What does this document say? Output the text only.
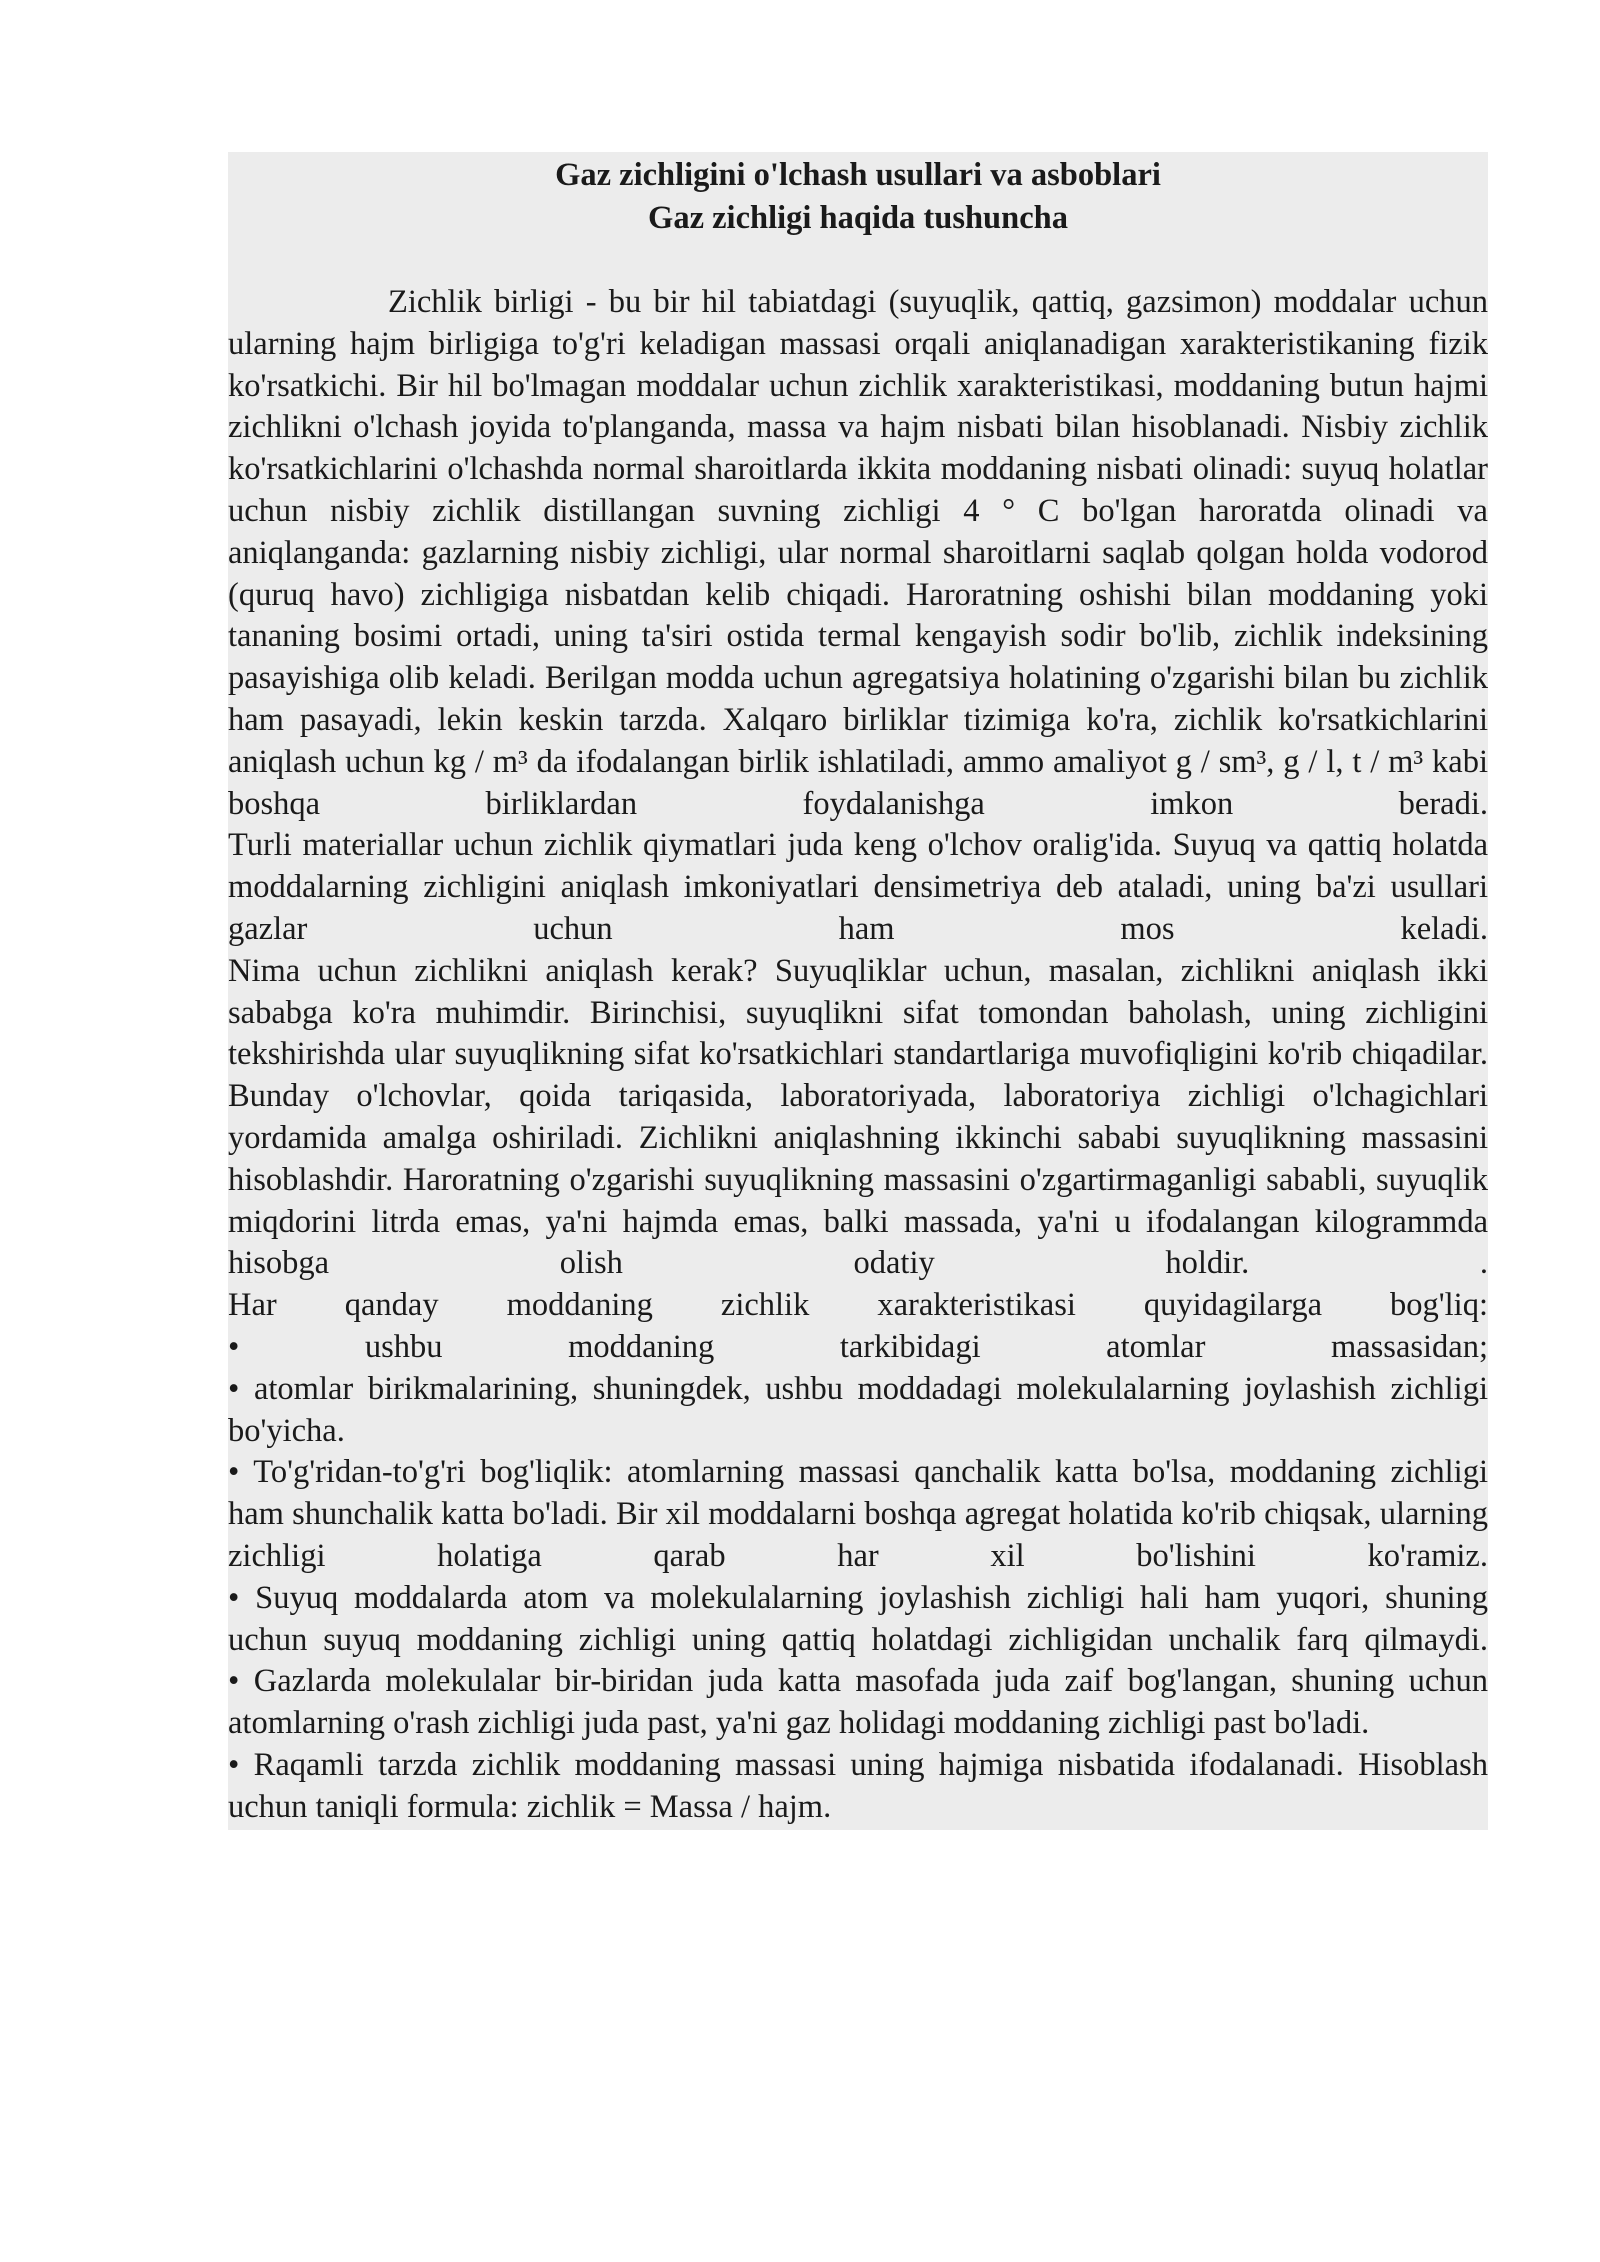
Gaz zichligini o'lchash usullari va asboblari
Gaz zichligi haqida tushuncha

Zichlik birligi - bu bir hil tabiatdagi (suyuqlik, qattiq, gazsimon) moddalar uchun ularning hajm birligiga to'g'ri keladigan massasi orqali aniqlanadigan xarakteristikaning fizik ko'rsatkichi. Bir hil bo'lmagan moddalar uchun zichlik xarakteristikasi, moddaning butun hajmi zichlikni o'lchash joyida to'planganda, massa va hajm nisbati bilan hisoblanadi. Nisbiy zichlik ko'rsatkichlarini o'lchashda normal sharoitlarda ikkita moddaning nisbati olinadi: suyuq holatlar uchun nisbiy zichlik distillangan suvning zichligi 4 ° C bo'lgan haroratda olinadi va aniqlanganda: gazlarning nisbiy zichligi, ular normal sharoitlarni saqlab qolgan holda vodorod (quruq havo) zichligiga nisbatdan kelib chiqadi. Haroratning oshishi bilan moddaning yoki tananing bosimi ortadi, uning ta'siri ostida termal kengayish sodir bo'lib, zichlik indeksining pasayishiga olib keladi. Berilgan modda uchun agregatsiya holatining o'zgarishi bilan bu zichlik ham pasayadi, lekin keskin tarzda. Xalqaro birliklar tizimiga ko'ra, zichlik ko'rsatkichlarini aniqlash uchun kg / m³ da ifodalangan birlik ishlatiladi, ammo amaliyot g / sm³, g / l, t / m³ kabi boshqa birliklardan foydalanishga imkon beradi.

Turli materiallar uchun zichlik qiymatlari juda keng o'lchov oralig'ida. Suyuq va qattiq holatda moddalarning zichligini aniqlash imkoniyatlari densimetriya deb ataladi, uning ba'zi usullari gazlar uchun ham mos keladi.

Nima uchun zichlikni aniqlash kerak? Suyuqliklar uchun, masalan, zichlikni aniqlash ikki sababga ko'ra muhimdir. Birinchisi, suyuqlikni sifat tomondan baholash, uning zichligini tekshirishda ular suyuqlikning sifat ko'rsatkichlari standartlariga muvofiqligini ko'rib chiqadilar. Bunday o'lchovlar, qoida tariqasida, laboratoriyada, laboratoriya zichligi o'lchagichlari yordamida amalga oshiriladi. Zichlikni aniqlashning ikkinchi sababi suyuqlikning massasini hisoblashdir. Haroratning o'zgarishi suyuqlikning massasini o'zgartirmaganligi sababli, suyuqlik miqdorini litrda emas, ya'ni hajmda emas, balki massada, ya'ni u ifodalangan kilogrammda hisobga olish odatiy holdir. .

Har qanday moddaning zichlik xarakteristikasi quyidagilarga bog'liq:

• ushbu moddaning tarkibidagi atomlar massasidan;

• atomlar birikmalarining, shuningdek, ushbu moddadagi molekulalarning joylashish zichligi bo'yicha.

• To'g'ridan-to'g'ri bog'liqlik: atomlarning massasi qanchalik katta bo'lsa, moddaning zichligi ham shunchalik katta bo'ladi. Bir xil moddalarni boshqa agregat holatida ko'rib chiqsak, ularning zichligi holatiga qarab har xil bo'lishini ko'ramiz.

• Suyuq moddalarda atom va molekulalarning joylashish zichligi hali ham yuqori, shuning uchun suyuq moddaning zichligi uning qattiq holatdagi zichligidan unchalik farq qilmaydi.

• Gazlarda molekulalar bir-biridan juda katta masofada juda zaif bog'langan, shuning uchun atomlarning o'rash zichligi juda past, ya'ni gaz holidagi moddaning zichligi past bo'ladi.

• Raqamli tarzda zichlik moddaning massasi uning hajmiga nisbatida ifodalanadi. Hisoblash uchun taniqli formula: zichlik = Massa / hajm.
